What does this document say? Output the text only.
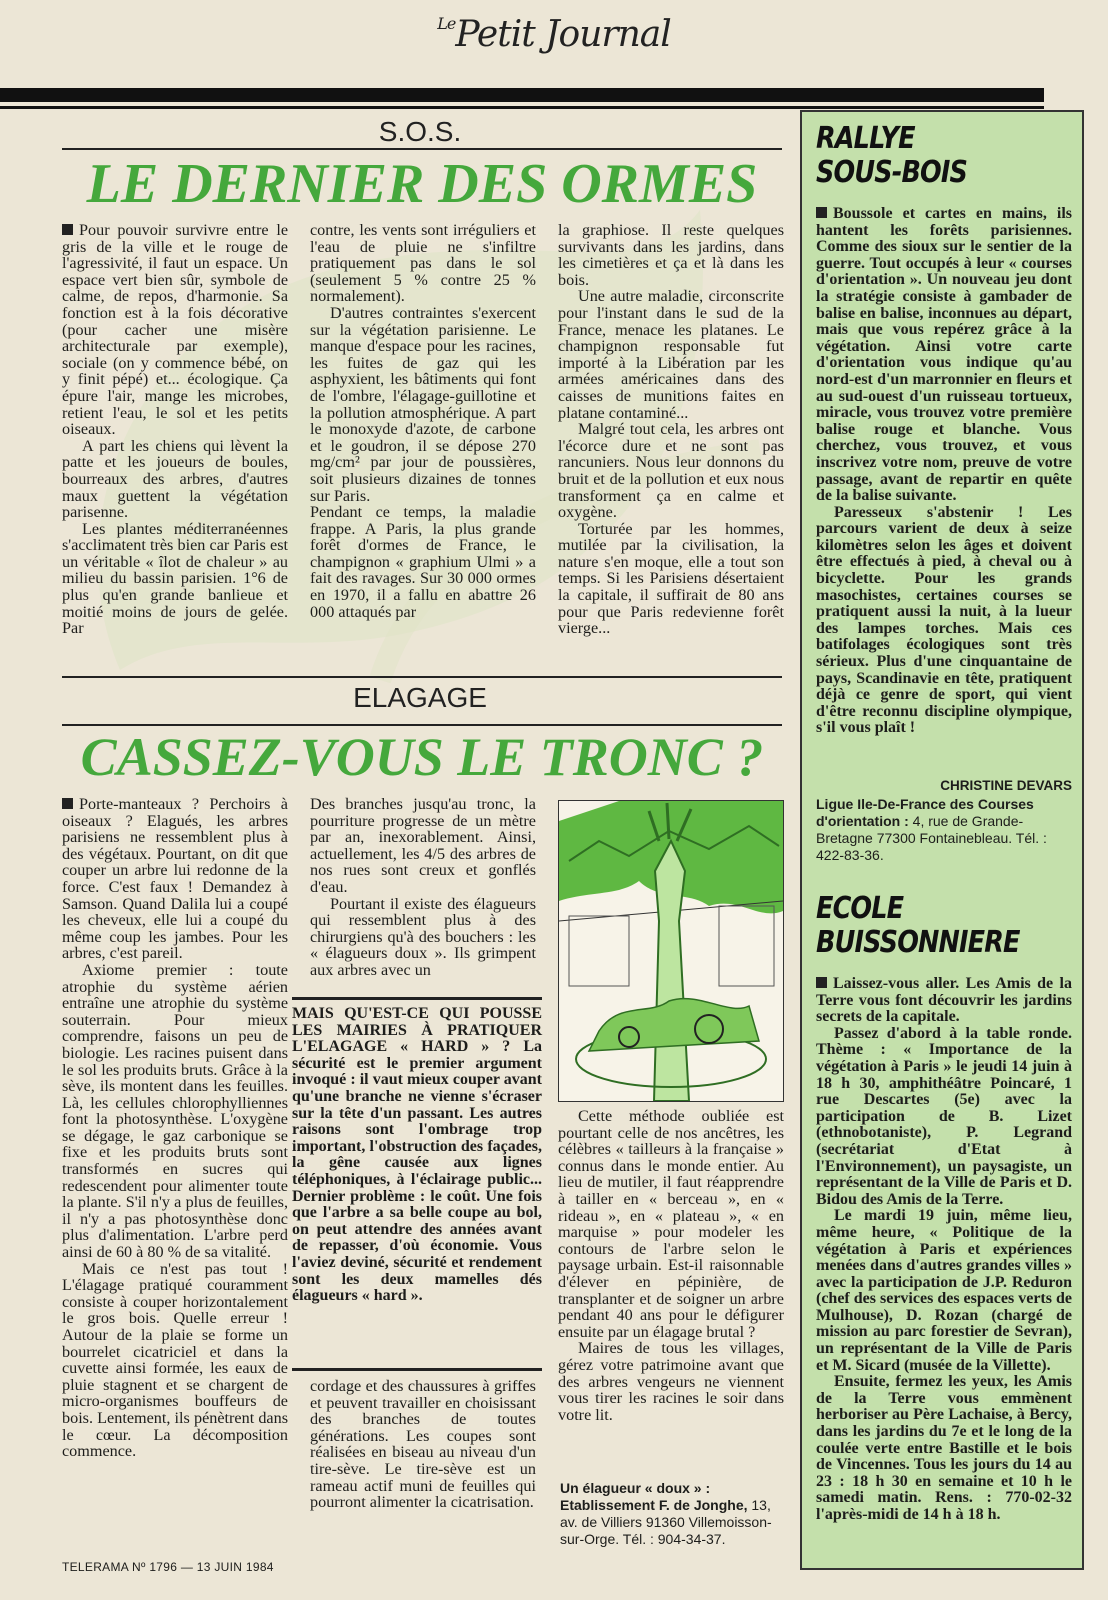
$^{Le}$Petit Journal
S.O.S.
LE DERNIER DES ORMES

Pour pouvoir survivre entre le gris de la ville et le rouge de l'agressivité, il faut un espace. Un espace vert bien sûr, symbole de calme, de repos, d'harmonie. Sa fonction est à la fois décorative (pour cacher une misère architecturale par exemple), sociale (on y commence bébé, on y finit pépé) et... écologique. Ça épure l'air, mange les microbes, retient l'eau, le sol et les petits oiseaux.

A part les chiens qui lèvent la patte et les joueurs de boules, bourreaux des arbres, d'autres maux guettent la végétation parisenne.

Les plantes méditerranéennes s'acclimatent très bien car Paris est un véritable « îlot de chaleur » au milieu du bassin parisien. 1°6 de plus qu'en grande banlieue et moitié moins de jours de gelée. Par

contre, les vents sont irréguliers et l'eau de pluie ne s'infiltre pratiquement pas dans le sol (seulement 5 % contre 25 % normalement).

D'autres contraintes s'exercent sur la végétation parisienne. Le manque d'espace pour les racines, les fuites de gaz qui les asphyxient, les bâtiments qui font de l'ombre, l'élagage-guillotine et la pollution atmosphérique. A part le monoxyde d'azote, de carbone et le goudron, il se dépose 270 mg/cm² par jour de poussières, soit plusieurs dizaines de tonnes sur Paris.

Pendant ce temps, la maladie frappe. A Paris, la plus grande forêt d'ormes de France, le champignon « graphium Ulmi » a fait des ravages. Sur 30 000 ormes en 1970, il a fallu en abattre 26 000 attaqués par

la graphiose. Il reste quelques survivants dans les jardins, dans les cimetières et ça et là dans les bois.

Une autre maladie, circonscrite pour l'instant dans le sud de la France, menace les platanes. Le champignon responsable fut importé à la Libération par les armées américaines dans des caisses de munitions faites en platane contaminé...

Malgré tout cela, les arbres ont l'écorce dure et ne sont pas rancuniers. Nous leur donnons du bruit et de la pollution et eux nous transforment ça en calme et oxygène.

Torturée par les hommes, mutilée par la civilisation, la nature s'en moque, elle a tout son temps. Si les Parisiens désertaient la capitale, il suffirait de 80 ans pour que Paris redevienne forêt vierge...

ELAGAGE
CASSEZ-VOUS LE TRONC ?

Porte-manteaux ? Perchoirs à oiseaux ? Elagués, les arbres parisiens ne ressemblent plus à des végétaux. Pourtant, on dit que couper un arbre lui redonne de la force. C'est faux ! Demandez à Samson. Quand Dalila lui a coupé les cheveux, elle lui a coupé du même coup les jambes. Pour les arbres, c'est pareil.

Axiome premier : toute atrophie du système aérien entraîne une atrophie du système souterrain. Pour mieux comprendre, faisons un peu de biologie. Les racines puisent dans le sol les produits bruts. Grâce à la sève, ils montent dans les feuilles. Là, les cellules chlorophylliennes font la photosynthèse. L'oxygène se dégage, le gaz carbonique se fixe et les produits bruts sont transformés en sucres qui redescendent pour alimenter toute la plante. S'il n'y a plus de feuilles, il n'y a pas photosynthèse donc plus d'alimentation. L'arbre perd ainsi de 60 à 80 % de sa vitalité.

Mais ce n'est pas tout ! L'élagage pratiqué couramment consiste à couper horizontalement le gros bois. Quelle erreur ! Autour de la plaie se forme un bourrelet cicatriciel et dans la cuvette ainsi formée, les eaux de pluie stagnent et se chargent de micro-organismes bouffeurs de bois. Lentement, ils pénètrent dans le cœur. La décomposition commence.

Des branches jusqu'au tronc, la pourriture progresse de un mètre par an, inexorablement. Ainsi, actuellement, les 4/5 des arbres de nos rues sont creux et gonflés d'eau.

Pourtant il existe des élagueurs qui ressemblent plus à des chirurgiens qu'à des bouchers : les « élagueurs doux ». Ils grimpent aux arbres avec un

MAIS QU'EST-CE QUI POUSSE LES MAIRIES À PRATIQUER L'ELAGAGE « HARD » ? La sécurité est le premier argument invoqué : il vaut mieux couper avant qu'une branche ne vienne s'écraser sur la tête d'un passant. Les autres raisons sont l'ombrage trop important, l'obstruction des façades, la gêne causée aux lignes téléphoniques, à l'éclairage public... Dernier problème : le coût. Une fois que l'arbre a sa belle coupe au bol, on peut attendre des années avant de repasser, d'où économie. Vous l'aviez deviné, sécurité et rendement sont les deux mamelles dés élagueurs « hard ».

cordage et des chaussures à griffes et peuvent travailler en choisissant des branches de toutes générations. Les coupes sont réalisées en biseau au niveau d'un tire-sève. Le tire-sève est un rameau actif muni de feuilles qui pourront alimenter la cicatrisation.

Cette méthode oubliée est pourtant celle de nos ancêtres, les célèbres « tailleurs à la française » connus dans le monde entier. Au lieu de mutiler, il faut réapprendre à tailler en « berceau », en « rideau », en « plateau », « en marquise » pour modeler les contours de l'arbre selon le paysage urbain. Est-il raisonnable d'élever en pépinière, de transplanter et de soigner un arbre pendant 40 ans pour le défigurer ensuite par un élagage brutal ?

Maires de tous les villages, gérez votre patrimoine avant que des arbres vengeurs ne viennent vous tirer les racines le soir dans votre lit.

Un élagueur « doux » : Etablissement F. de Jonghe, 13, av. de Villiers 91360 Villemoisson-sur-Orge. Tél. : 904-34-37.
RALLYE
SOUS-BOIS

Boussole et cartes en mains, ils hantent les forêts parisiennes. Comme des sioux sur le sentier de la guerre. Tout occupés à leur « courses d'orientation ». Un nouveau jeu dont la stratégie consiste à gambader de balise en balise, inconnues au départ, mais que vous repérez grâce à la végétation. Ainsi votre carte d'orientation vous indique qu'au nord-est d'un marronnier en fleurs et au sud-ouest d'un ruisseau tortueux, miracle, vous trouvez votre première balise rouge et blanche. Vous cherchez, vous trouvez, et vous inscrivez votre nom, preuve de votre passage, avant de repartir en quête de la balise suivante.

Paresseux s'abstenir ! Les parcours varient de deux à seize kilomètres selon les âges et doivent être effectués à pied, à cheval ou à bicyclette. Pour les grands masochistes, certaines courses se pratiquent aussi la nuit, à la lueur des lampes torches. Mais ces batifolages écologiques sont très sérieux. Plus d'une cinquantaine de pays, Scandinavie en tête, pratiquent déjà ce genre de sport, qui vient d'être reconnu discipline olympique, s'il vous plaît !

CHRISTINE DEVARS
Ligue Ile-De-France des Courses d'orientation : 4, rue de Grande-Bretagne 77300 Fontainebleau. Tél. : 422-83-36.
ECOLE
BUISSONNIERE

Laissez-vous aller. Les Amis de la Terre vous font découvrir les jardins secrets de la capitale.

Passez d'abord à la table ronde. Thème : « Importance de la végétation à Paris » le jeudi 14 juin à 18 h 30, amphithéâtre Poincaré, 1 rue Descartes (5e) avec la participation de B. Lizet (ethnobotaniste), P. Legrand (secrétariat d'Etat à l'Environnement), un paysagiste, un représentant de la Ville de Paris et D. Bidou des Amis de la Terre.

Le mardi 19 juin, même lieu, même heure, « Politique de la végétation à Paris et expériences menées dans d'autres grandes villes » avec la participation de J.P. Reduron (chef des services des espaces verts de Mulhouse), D. Rozan (chargé de mission au parc forestier de Sevran), un représentant de la Ville de Paris et M. Sicard (musée de la Villette).

Ensuite, fermez les yeux, les Amis de la Terre vous emmènent herboriser au Père Lachaise, à Bercy, dans les jardins du 7e et le long de la coulée verte entre Bastille et le bois de Vincennes. Tous les jours du 14 au 23 : 18 h 30 en semaine et 10 h le samedi matin. Rens. : 770-02-32 l'après-midi de 14 h à 18 h.

TELERAMA Nº 1796 — 13 JUIN 1984
